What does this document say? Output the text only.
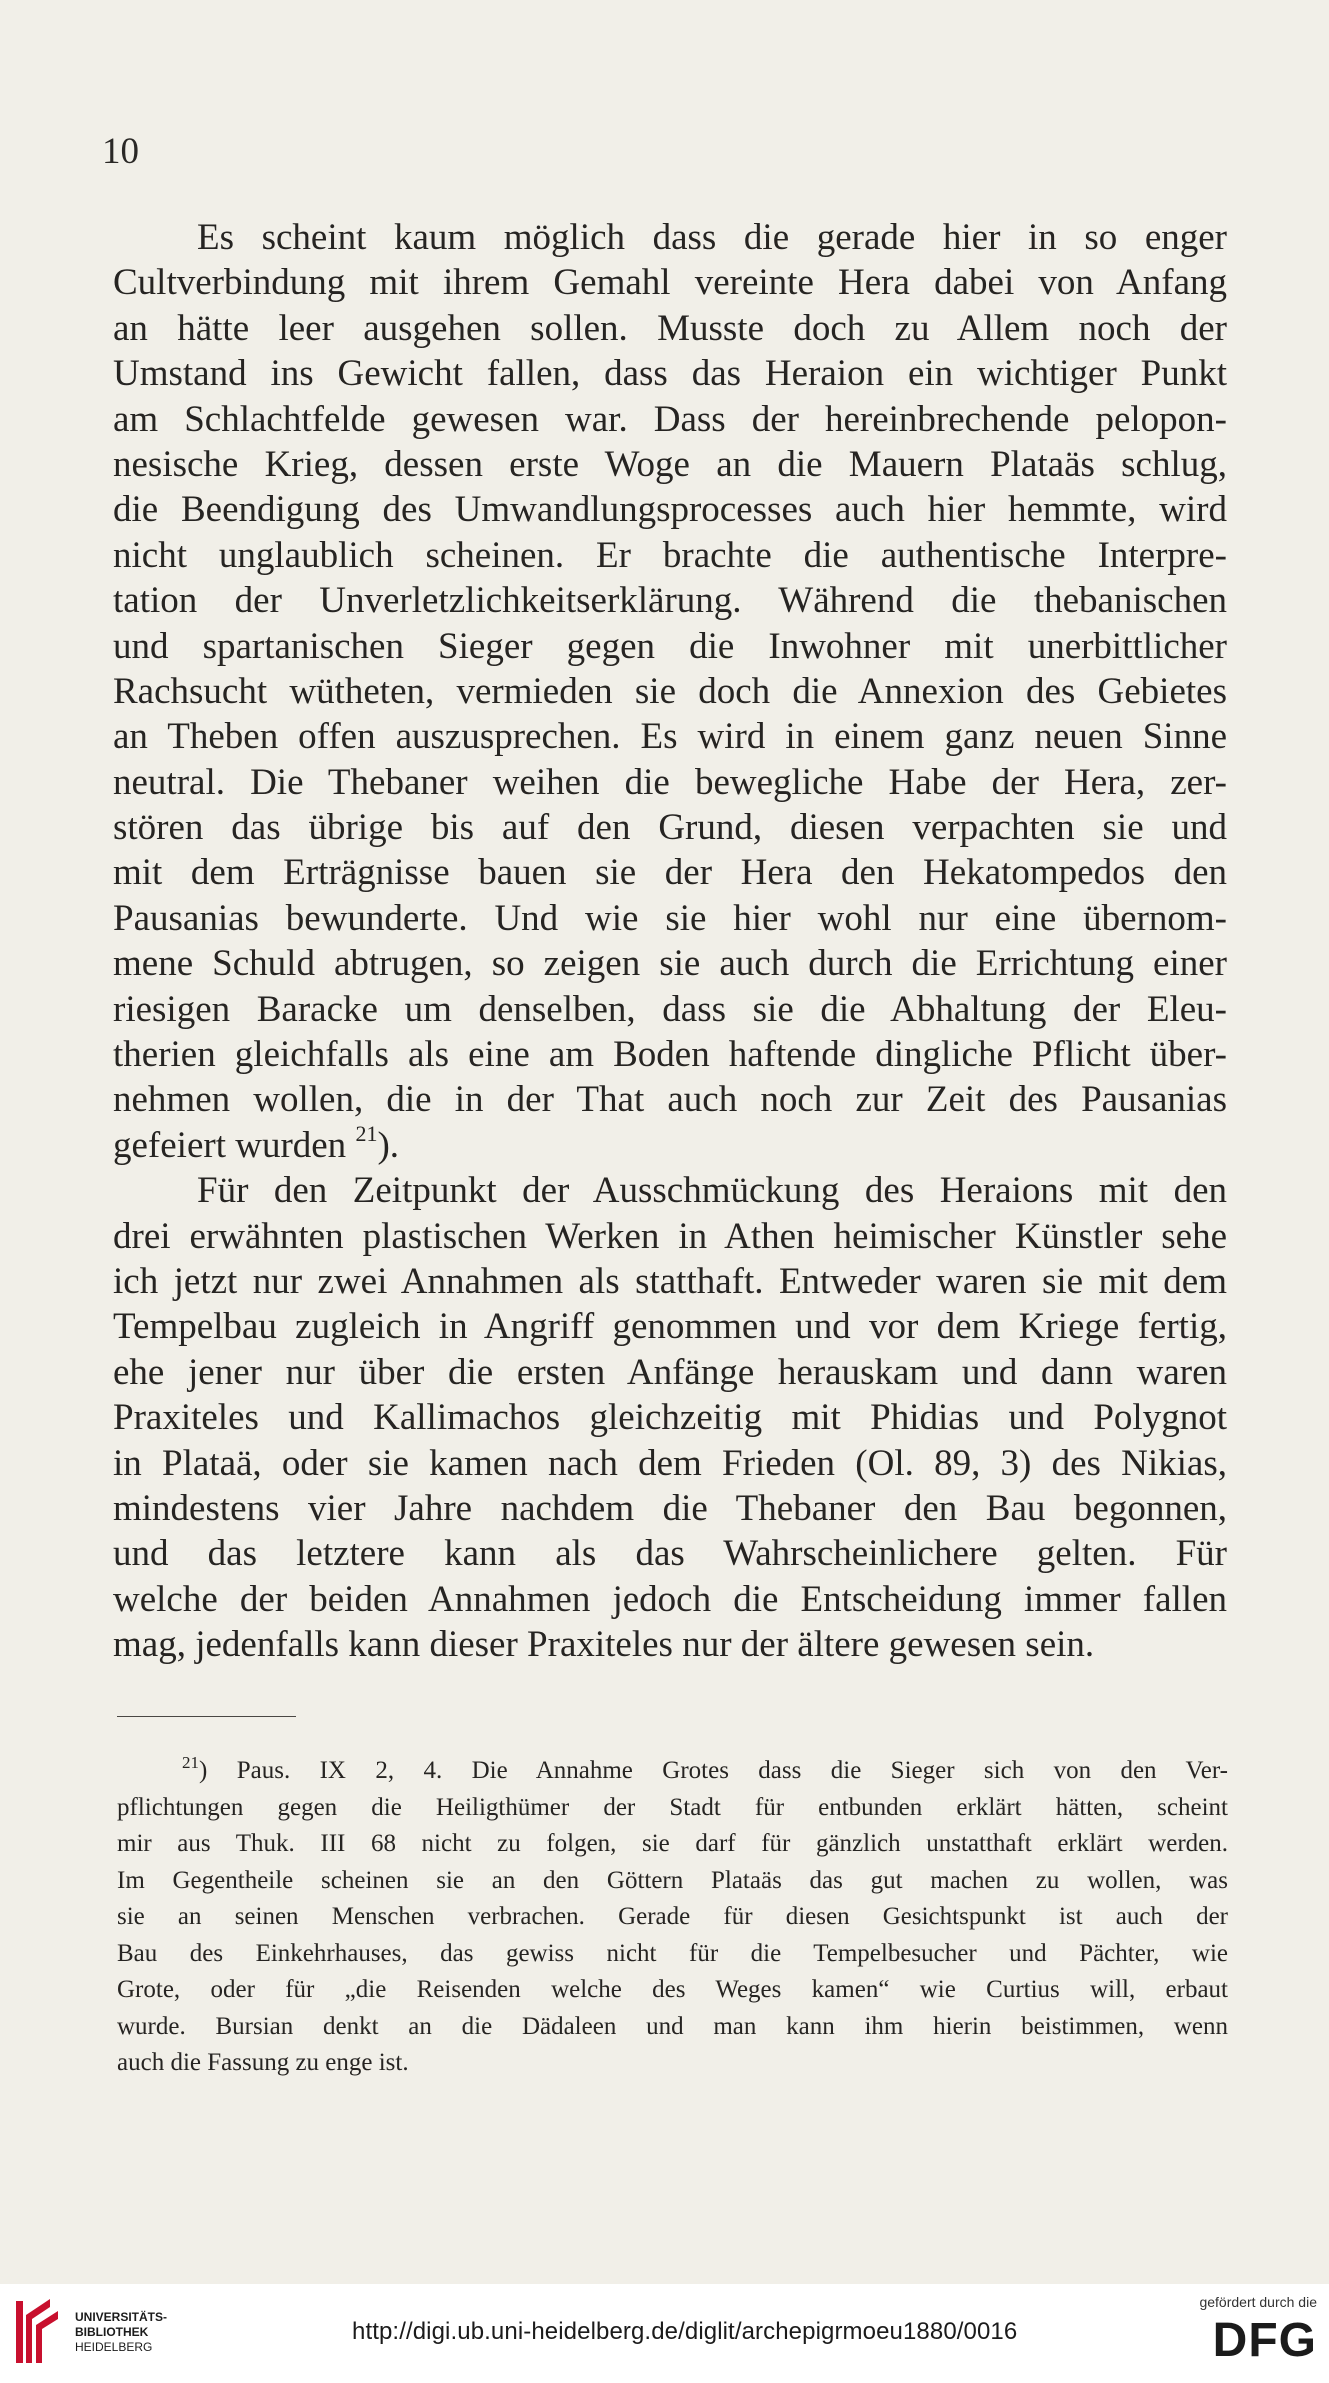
10
Es scheint kaum möglich dass die gerade hier in so enger
Cultverbindung mit ihrem Gemahl vereinte Hera dabei von Anfang
an hätte leer ausgehen sollen. Musste doch zu Allem noch der
Umstand ins Gewicht fallen, dass das Heraion ein wichtiger Punkt
am Schlachtfelde gewesen war. Dass der hereinbrechende pelopon-
nesische Krieg, dessen erste Woge an die Mauern Plataäs schlug,
die Beendigung des Umwandlungsprocesses auch hier hemmte, wird
nicht unglaublich scheinen. Er brachte die authentische Interpre-
tation der Unverletzlichkeitserklärung. Während die thebanischen
und spartanischen Sieger gegen die Inwohner mit unerbittlicher
Rachsucht wütheten, vermieden sie doch die Annexion des Gebietes
an Theben offen auszusprechen. Es wird in einem ganz neuen Sinne
neutral. Die Thebaner weihen die bewegliche Habe der Hera, zer-
stören das übrige bis auf den Grund, diesen verpachten sie und
mit dem Erträgnisse bauen sie der Hera den Hekatompedos den
Pausanias bewunderte. Und wie sie hier wohl nur eine übernom-
mene Schuld abtrugen, so zeigen sie auch durch die Errichtung einer
riesigen Baracke um denselben, dass sie die Abhaltung der Eleu-
therien gleichfalls als eine am Boden haftende dingliche Pflicht über-
nehmen wollen, die in der That auch noch zur Zeit des Pausanias
gefeiert wurden $^{21}$).
Für den Zeitpunkt der Ausschmückung des Heraions mit den
drei erwähnten plastischen Werken in Athen heimischer Künstler sehe
ich jetzt nur zwei Annahmen als statthaft. Entweder waren sie mit dem
Tempelbau zugleich in Angriff genommen und vor dem Kriege fertig,
ehe jener nur über die ersten Anfänge herauskam und dann waren
Praxiteles und Kallimachos gleichzeitig mit Phidias und Polygnot
in Plataä, oder sie kamen nach dem Frieden (Ol. 89, 3) des Nikias,
mindestens vier Jahre nachdem die Thebaner den Bau begonnen,
und das letztere kann als das Wahrscheinlichere gelten. Für
welche der beiden Annahmen jedoch die Entscheidung immer fallen
mag, jedenfalls kann dieser Praxiteles nur der ältere gewesen sein.
$^{21}$) Paus. IX 2, 4. Die Annahme Grotes dass die Sieger sich von den Ver-
pflichtungen gegen die Heiligthümer der Stadt für entbunden erklärt hätten, scheint
mir aus Thuk. III 68 nicht zu folgen, sie darf für gänzlich unstatthaft erklärt werden.
Im Gegentheile scheinen sie an den Göttern Plataäs das gut machen zu wollen, was
sie an seinen Menschen verbrachen. Gerade für diesen Gesichtspunkt ist auch der
Bau des Einkehrhauses, das gewiss nicht für die Tempelbesucher und Pächter, wie
Grote, oder für „die Reisenden welche des Weges kamen“ wie Curtius will, erbaut
wurde. Bursian denkt an die Dädaleen und man kann ihm hierin beistimmen, wenn
auch die Fassung zu enge ist.
UNIVERSITÄTS-
BIBLIOTHEK
HEIDELBERG
http://digi.ub.uni-heidelberg.de/diglit/archepigrmoeu1880/0016
gefördert durch die
DFG
